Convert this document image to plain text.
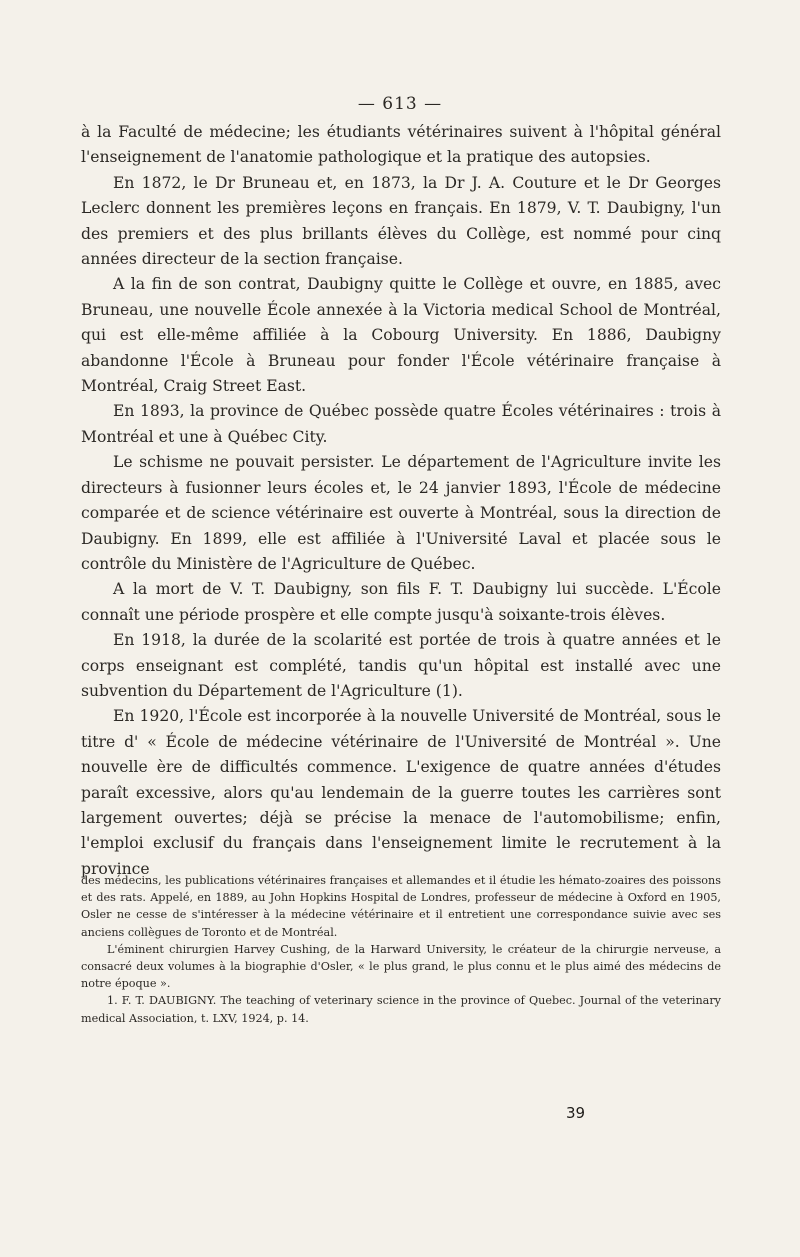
— 613 —

à la Faculté de médecine; les étudiants vétérinaires suivent à l'hôpital général l'enseignement de l'anatomie pathologique et la pratique des autopsies.

En 1872, le Dr Bruneau et, en 1873, la Dr J. A. Couture et le Dr Georges Leclerc donnent les premières leçons en français. En 1879, V. T. Daubigny, l'un des premiers et des plus brillants élèves du Collège, est nommé pour cinq années directeur de la section française.

A la fin de son contrat, Daubigny quitte le Collège et ouvre, en 1885, avec Bruneau, une nouvelle École annexée à la Victoria medical School de Montréal, qui est elle-même affiliée à la Cobourg University. En 1886, Daubigny abandonne l'École à Bruneau pour fonder l'École vétérinaire française à Montréal, Craig Street East.

En 1893, la province de Québec possède quatre Écoles vétérinaires : trois à Montréal et une à Québec City.

Le schisme ne pouvait persister. Le département de l'Agriculture invite les directeurs à fusionner leurs écoles et, le 24 janvier 1893, l'École de médecine comparée et de science vétérinaire est ouverte à Montréal, sous la direction de Daubigny. En 1899, elle est affiliée à l'Université Laval et placée sous le contrôle du Ministère de l'Agriculture de Québec.

A la mort de V. T. Daubigny, son fils F. T. Daubigny lui succède. L'École connaît une période prospère et elle compte jusqu'à soixante-trois élèves.

En 1918, la durée de la scolarité est portée de trois à quatre années et le corps enseignant est complété, tandis qu'un hôpital est installé avec une subvention du Département de l'Agriculture (1).

En 1920, l'École est incorporée à la nouvelle Université de Montréal, sous le titre d' « École de médecine vétérinaire de l'Université de Montréal ». Une nouvelle ère de difficultés commence. L'exigence de quatre années d'études paraît excessive, alors qu'au lendemain de la guerre toutes les carrières sont largement ouvertes; déjà se précise la menace de l'automobilisme; enfin, l'emploi exclusif du français dans l'enseignement limite le recrutement à la province

des médecins, les publications vétérinaires françaises et allemandes et il étudie les hémato-zoaires des poissons et des rats. Appelé, en 1889, au John Hopkins Hospital de Londres, professeur de médecine à Oxford en 1905, Osler ne cesse de s'intéresser à la médecine vétérinaire et il entretient une correspondance suivie avec ses anciens collègues de Toronto et de Montréal.

L'éminent chirurgien Harvey Cushing, de la Harward University, le créateur de la chirurgie nerveuse, a consacré deux volumes à la biographie d'Osler, « le plus grand, le plus connu et le plus aimé des médecins de notre époque ».

1. F. T. DAUBIGNY. The teaching of veterinary science in the province of Quebec. Journal of the veterinary medical Association, t. LXV, 1924, p. 14.

39
